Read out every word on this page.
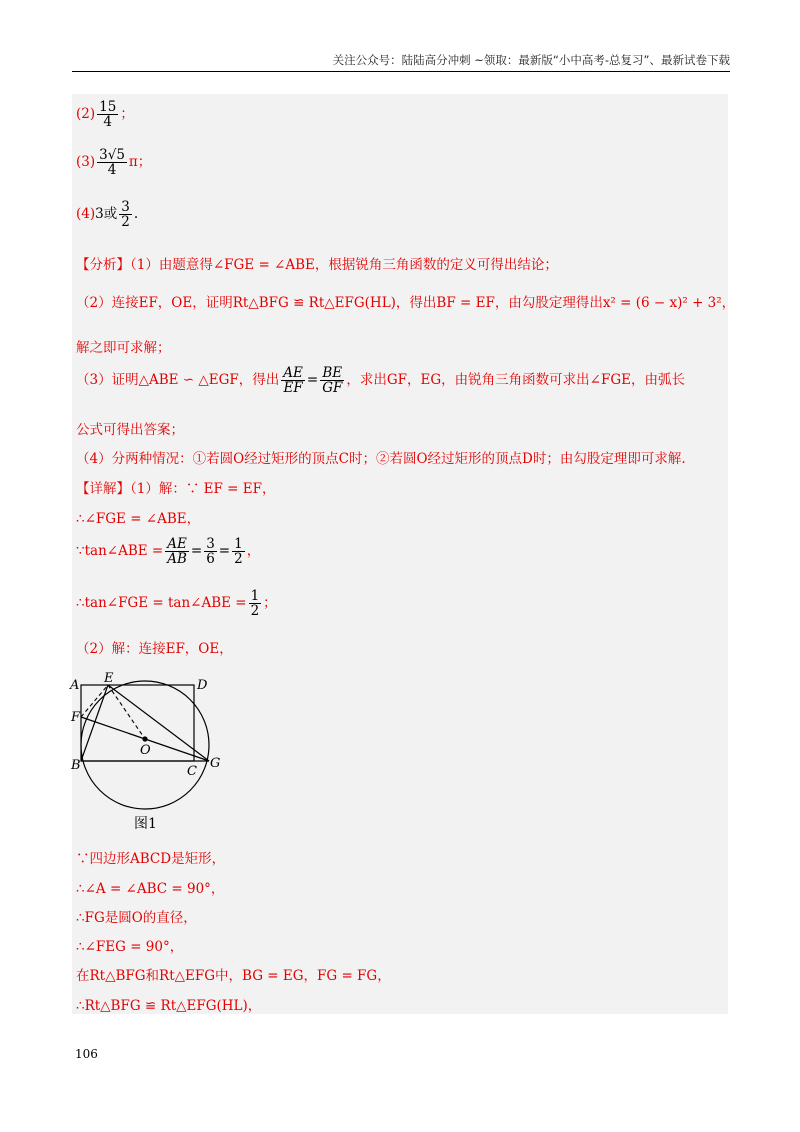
关注公众号：陆陆高分冲刺 ~领取：最新版“小中高考-总复习”、最新试卷下载
$(2) \frac{15}{4}$ ；
$(3) \frac{3√5}{4}$ π；
(4)3或 $\frac{3}{2}$ .
【分析】（1）由题意得∠FGE = ∠ABE，根据锐角三角函数的定义可得出结论；
（2）连接EF，OE，证明Rt△BFG ≌ Rt△EFG(HL)，得出BF = EF，由勾股定理得出x² = (6 − x)² + 3²，
解之即可求解；
（3）证明△ABE ∽ △EGF，得出 $\frac{AE}{EF} = \frac{BE}{GF}$ ，求出GF，EG，由锐角三角函数可求出∠FGE，由弧长
公式可得出答案；
（4）分两种情况：①若圆O经过矩形的顶点C时；②若圆O经过矩形的顶点D时；由勾股定理即可求解.
【详解】（1）解：∵ EF = EF，
∴∠FGE = ∠ABE，
∵tan∠ABE = $\frac{AE}{AB} = \frac{3}{6} = \frac{1}{2}$ ，
∴tan∠FGE = tan∠ABE = $\frac{1}{2}$ ；
（2）解：连接EF，OE，
A E	D
F
O
B	C
G
图1
∵四边形ABCD是矩形，
∴∠A = ∠ABC = 90°，
∴FG是圆O的直径，
∴∠FEG = 90°，
在Rt△BFG和Rt△EFG中，BG = EG，FG = FG，
∴Rt△BFG ≌ Rt△EFG(HL)，
106
